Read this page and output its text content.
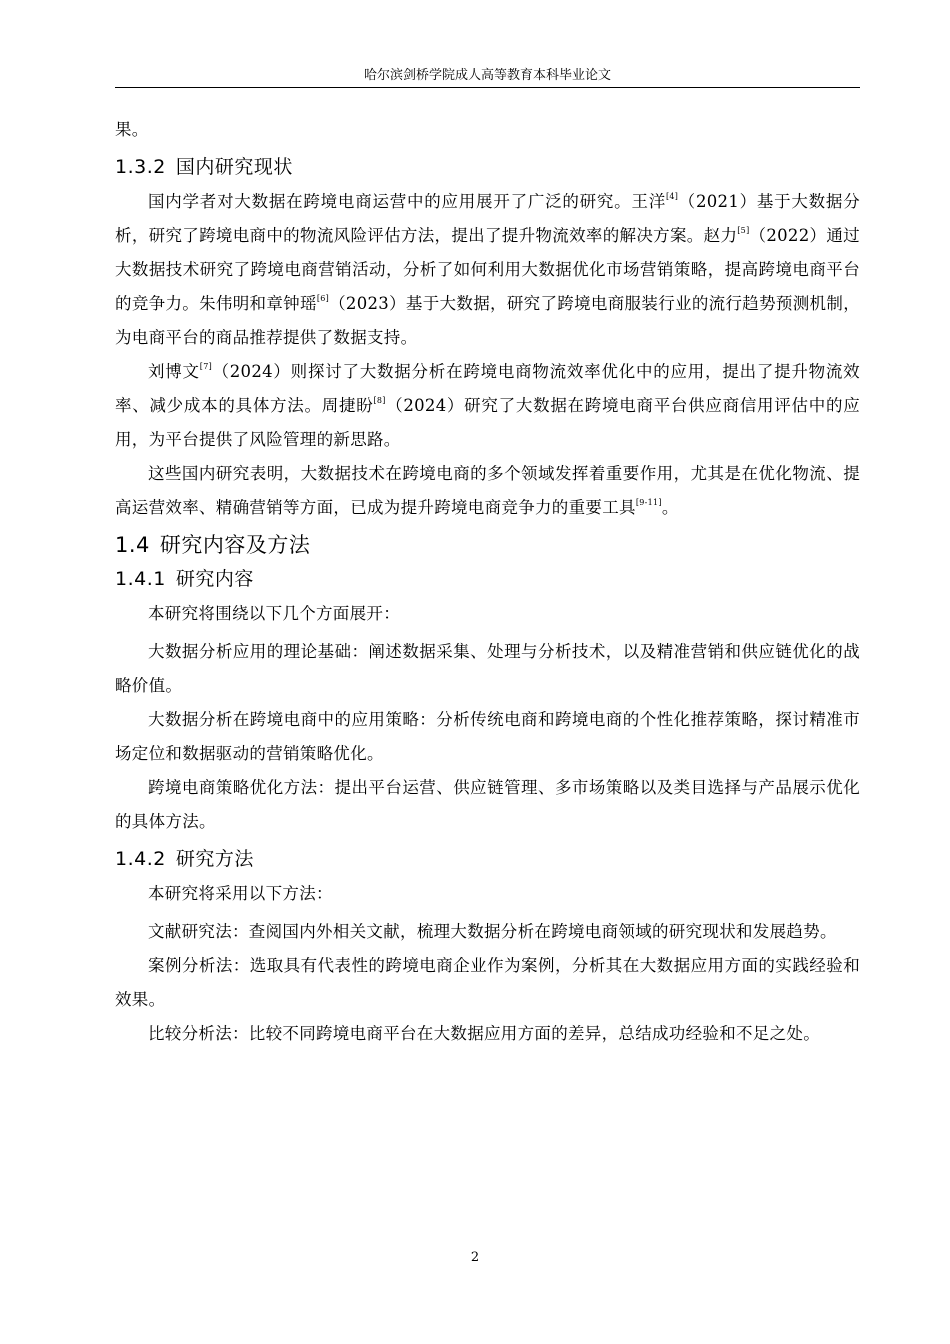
哈尔滨剑桥学院成人高等教育本科毕业论文

果。

1.3.2 国内研究现状

国内学者对大数据在跨境电商运营中的应用展开了广泛的研究。王洋[4]（2021）基于大数据分析，研究了跨境电商中的物流风险评估方法，提出了提升物流效率的解决方案。赵力[5]（2022）通过大数据技术研究了跨境电商营销活动，分析了如何利用大数据优化市场营销策略，提高跨境电商平台的竞争力。朱伟明和章钟瑶[6]（2023）基于大数据，研究了跨境电商服装行业的流行趋势预测机制，为电商平台的商品推荐提供了数据支持。

刘博文[7]（2024）则探讨了大数据分析在跨境电商物流效率优化中的应用，提出了提升物流效率、减少成本的具体方法。周捷盼[8]（2024）研究了大数据在跨境电商平台供应商信用评估中的应用，为平台提供了风险管理的新思路。

这些国内研究表明，大数据技术在跨境电商的多个领域发挥着重要作用，尤其是在优化物流、提高运营效率、精确营销等方面，已成为提升跨境电商竞争力的重要工具[9-11]。

1.4 研究内容及方法
1.4.1 研究内容

本研究将围绕以下几个方面展开：

大数据分析应用的理论基础：阐述数据采集、处理与分析技术，以及精准营销和供应链优化的战略价值。

大数据分析在跨境电商中的应用策略：分析传统电商和跨境电商的个性化推荐策略，探讨精准市场定位和数据驱动的营销策略优化。

跨境电商策略优化方法：提出平台运营、供应链管理、多市场策略以及类目选择与产品展示优化的具体方法。

1.4.2 研究方法

本研究将采用以下方法：

文献研究法：查阅国内外相关文献，梳理大数据分析在跨境电商领域的研究现状和发展趋势。

案例分析法：选取具有代表性的跨境电商企业作为案例，分析其在大数据应用方面的实践经验和效果。

比较分析法：比较不同跨境电商平台在大数据应用方面的差异，总结成功经验和不足之处。

2
